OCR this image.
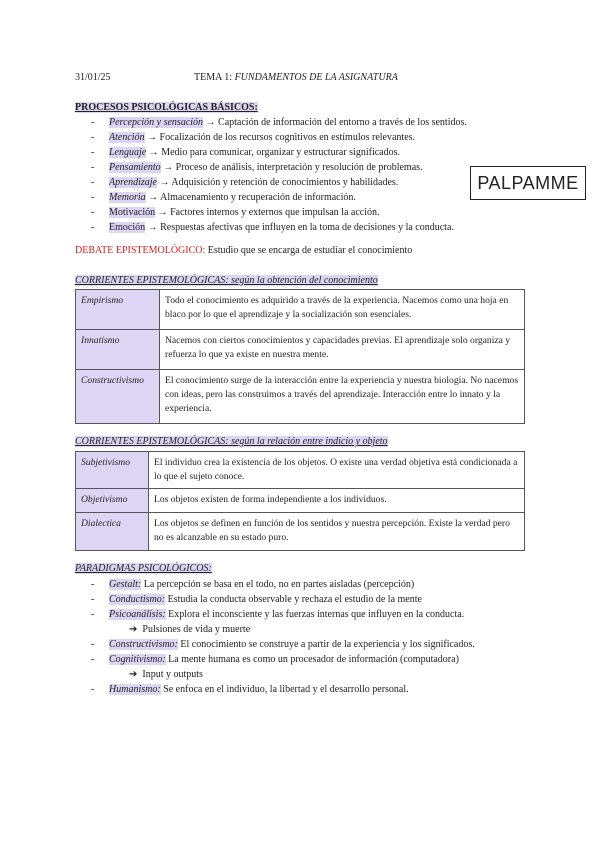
31/01/25	TEMA 1: FUNDAMENTOS DE LA ASIGNATURA
PROCESOS PSICOLÓGICAS BÁSICOS:
- Percepción y sensación → Captación de información del entorno a través de los sentidos.
- Atención → Focalización de los recursos cognitivos en estímulos relevantes.
- Lenguaje → Medio para comunicar, organizar y estructurar significados.
- Pensamiento → Proceso de análisis, interpretación y resolución de problemas.
- Aprendizaje → Adquisición y retención de conocimientos y habilidades.
- Memoria → Almacenamiento y recuperación de información.
- Motivación → Factores internos y externos que impulsan la acción.
- Emoción → Respuestas afectivas que influyen en la toma de decisiones y la conducta.
PALPAMME
DEBATE EPISTEMOLÓGICO: Estudio que se encarga de estudiar el conocimiento
CORRIENTES EPISTEMOLÓGICAS: según la obtención del conocimiento
Empirismo	Todo el conocimiento es adquirido a través de la experiencia. Nacemos como una hoja en blaco por lo que el aprendizaje y la socialización son esenciales.
Innatismo	Nacemos con ciertos conocimientos y capacidades previas. El aprendizaje solo organiza y refuerza lo que ya existe en nuestra mente.
Constructivismo	El conocimiento surge de la interacción entre la experiencia y nuestra biología. No nacemos con ideas, pero las construimos a través del aprendizaje. Interacción entre lo innato y la experiencia.
CORRIENTES EPISTEMOLÓGICAS: según la relación entre indicio y objeto
Subjetivismo	El individuo crea la existencia de los objetos. O existe una verdad objetiva está condicionada a lo que el sujeto conoce.
Objetivismo	Los objetos existen de forma independiente a los individuos.
Dialectica	Los objetos se definen en función de los sentidos y nuestra percepción. Existe la verdad pero no es alcanzable en su estado puro.
PARADIGMAS PSICOLÓGICOS:
- Gestalt: La percepción se basa en el todo, no en partes aisladas (percepción)
- Conductismo: Estudia la conducta observable y rechaza el estudio de la mente
- Psicoanálisis: Explora el inconsciente y las fuerzas internas que influyen en la conducta.
➔ Pulsiones de vida y muerte
- Constructivismo: El conocimiento se construye a partir de la experiencia y los significados.
- Cognitivismo: La mente humana es como un procesador de información (computadora)
➔ Input y outputs
- Humanismo: Se enfoca en el individuo, la libertad y el desarrollo personal.
